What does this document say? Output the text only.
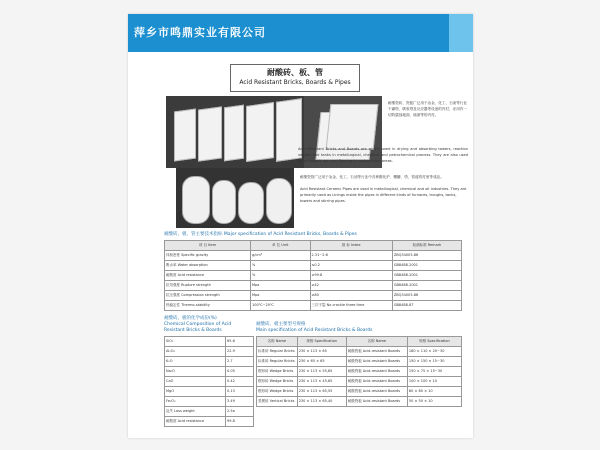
萍乡市鸣鼎实业有限公司
耐酸砖、板、管
Acid Resistant Bricks, Boards & Pipes
耐酸瓷砖、瓷板广泛用于冶金、化工、石油等行业干燥塔、吸收塔及反应器等设备的内衬，亦用作一切防腐蚀地面、墙面等的内衬。
Acid Resistant Bricks and Boards are widely used in drying and absorbing towers, reaction vessels and tanks in metallurgical, chemical and petrochemical process. They are also used for antiseptic pan and flooring in contaminant areas.
耐酸瓷管广泛用于冶金、化工、石油等行业中各种酸化炉、槽罐、塔、管道的衬里等成品。
Acid Resistant Ceramic Pipes are used in metallurgical, chemical and oil industries. They are primarily used as Linings inside the pipes in different kinds of furnaces, troughs, tanks, towers and stirring pipes.
耐酸砖、板、管主要技术指标 Major specification of Acid Resistant Bricks, Boards & Pipes
项 目 Item	单 位 Unit	指 标 Index	检测标准 Remark
体积密度 Specific gravity	g/cm³	2.31~2.6	ZBQ34003-86
吸水率 Water absorption	%	≤0.2	GB8488-2001
耐酸度 Acid resistance	%	≥99.8	GB8488-2001
抗弯强度 Rupture strength	Mpa	≥42	GB8488-2001
抗压强度 Compression strength	Mpa	≥80	ZBQ34003-86
热稳定性 Thermo-stability	100℃~20℃	三次不裂 No crackle three time	GB8488-87
耐酸砖、板的化学成份(%)
Chemical Composition of Acid
Resistant Bricks & Boards
SiO₂	65.6
Al₂O₃	22.9
K₂O	2.7
Na₂O	0.05
CaO	0.42
MgO	0.13
Fe₂O₃	3.49
烧失 Loss weight	2.5a
耐酸度 Acid resistance	99.8
耐酸砖、板主要型号规格
Main specification of Acid Resistant Bricks & Boards
名称 Name	规格 Specification	名称 Name	规格 Specification
标准砖 Regular Bricks	230 × 113 × 65	耐酸瓷板 Acid-resistant Boards	180 × 110 × 20~30
标准砖 Regular Bricks	230 × 65 × 65	耐酸瓷板 Acid-resistant Boards	150 × 150 × 15~30
楔形砖 Wedge Bricks	230 × 113 × 55,65	耐酸瓷板 Acid-resistant Boards	150 × 75 × 15~30
楔形砖 Wedge Bricks	230 × 113 × 45,65	耐酸瓷板 Acid-resistant Boards	100 × 100 × 10
楔形砖 Wedge Bricks	230 × 113 × 65,55	耐酸瓷板 Acid-resistant Boards	80 × 80 × 10
竖楔砖 Vertical Bricks	230 × 113 × 65,40	耐酸瓷板 Acid-resistant Boards	50 × 50 × 10
